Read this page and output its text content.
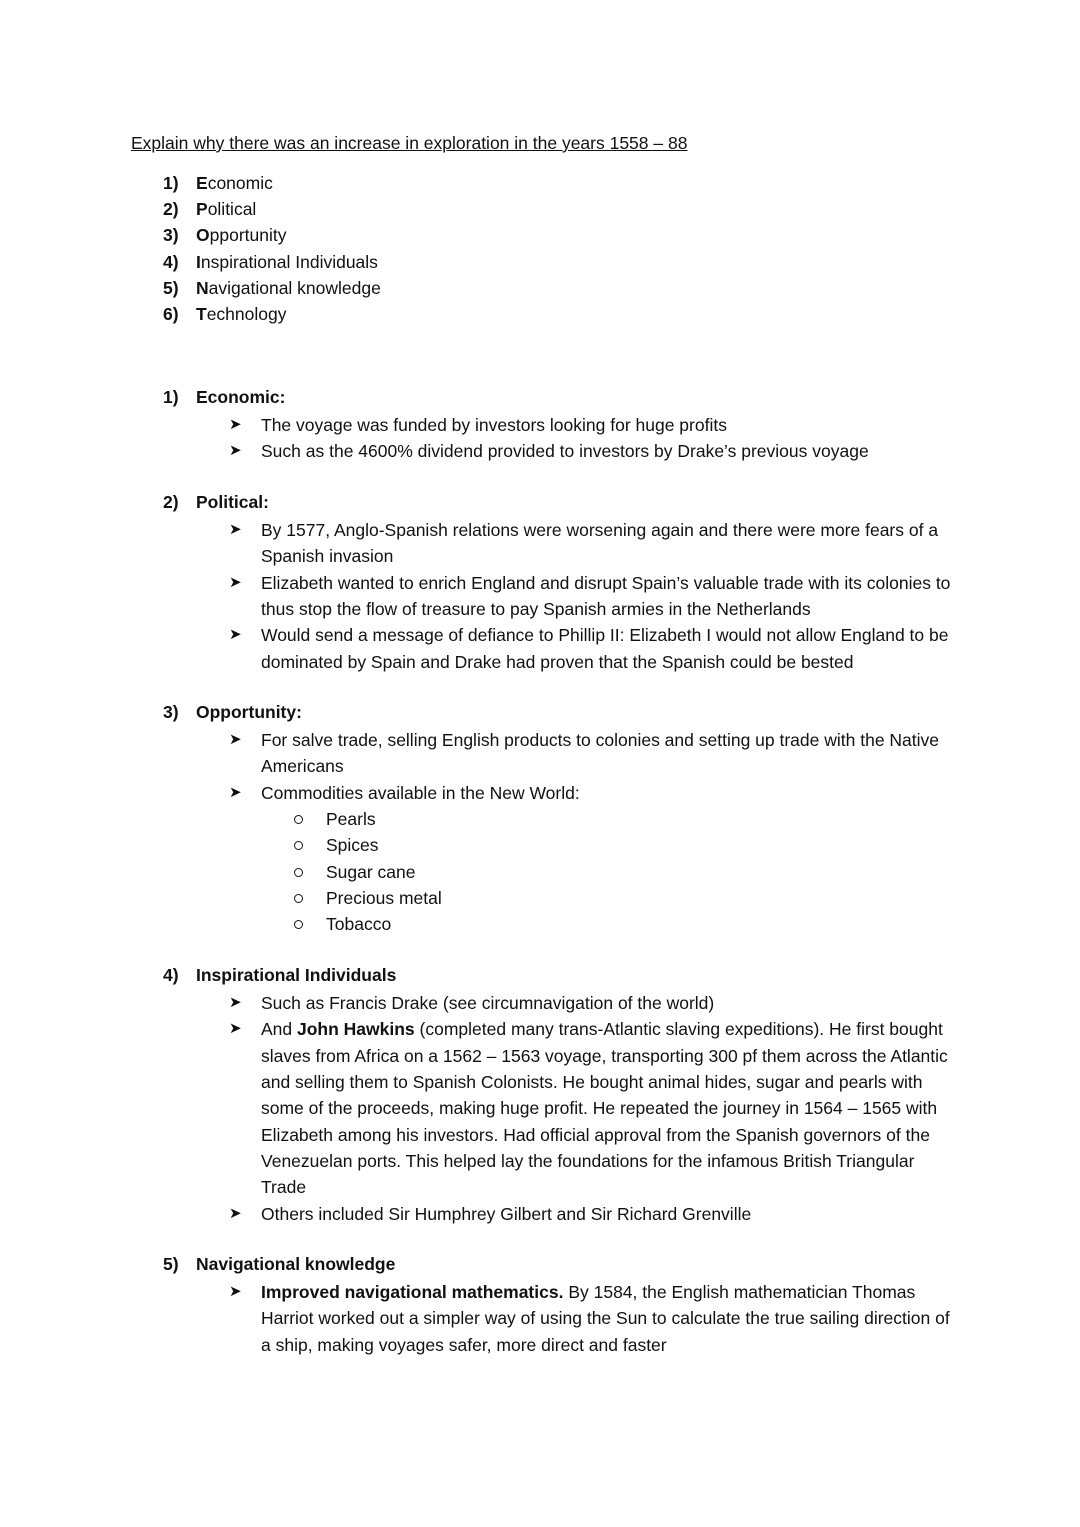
Explain why there was an increase in exploration in the years 1558 – 88
1) Economic
2) Political
3) Opportunity
4) Inspirational Individuals
5) Navigational knowledge
6) Technology
1) Economic:
➤	The voyage was funded by investors looking for huge profits
➤	Such as the 4600% dividend provided to investors by Drake’s previous voyage
2) Political:
➤	By 1577, Anglo-Spanish relations were worsening again and there were more fears of a Spanish invasion
➤	Elizabeth wanted to enrich England and disrupt Spain’s valuable trade with its colonies to thus stop the flow of treasure to pay Spanish armies in the Netherlands
➤	Would send a message of defiance to Phillip II: Elizabeth I would not allow England to be dominated by Spain and Drake had proven that the Spanish could be bested
3) Opportunity:
➤	For salve trade, selling English products to colonies and setting up trade with the Native Americans
➤	Commodities available in the New World:
Pearls
Spices
Sugar cane
Precious metal
Tobacco
4) Inspirational Individuals
➤	Such as Francis Drake (see circumnavigation of the world)
➤	And John Hawkins (completed many trans-Atlantic slaving expeditions). He first bought slaves from Africa on a 1562 – 1563 voyage, transporting 300 pf them across the Atlantic and selling them to Spanish Colonists. He bought animal hides, sugar and pearls with some of the proceeds, making huge profit. He repeated the journey in 1564 – 1565 with Elizabeth among his investors. Had official approval from the Spanish governors of the Venezuelan ports. This helped lay the foundations for the infamous British Triangular Trade
➤	Others included Sir Humphrey Gilbert and Sir Richard Grenville
5) Navigational knowledge
➤	Improved navigational mathematics. By 1584, the English mathematician Thomas Harriot worked out a simpler way of using the Sun to calculate the true sailing direction of a ship, making voyages safer, more direct and faster
